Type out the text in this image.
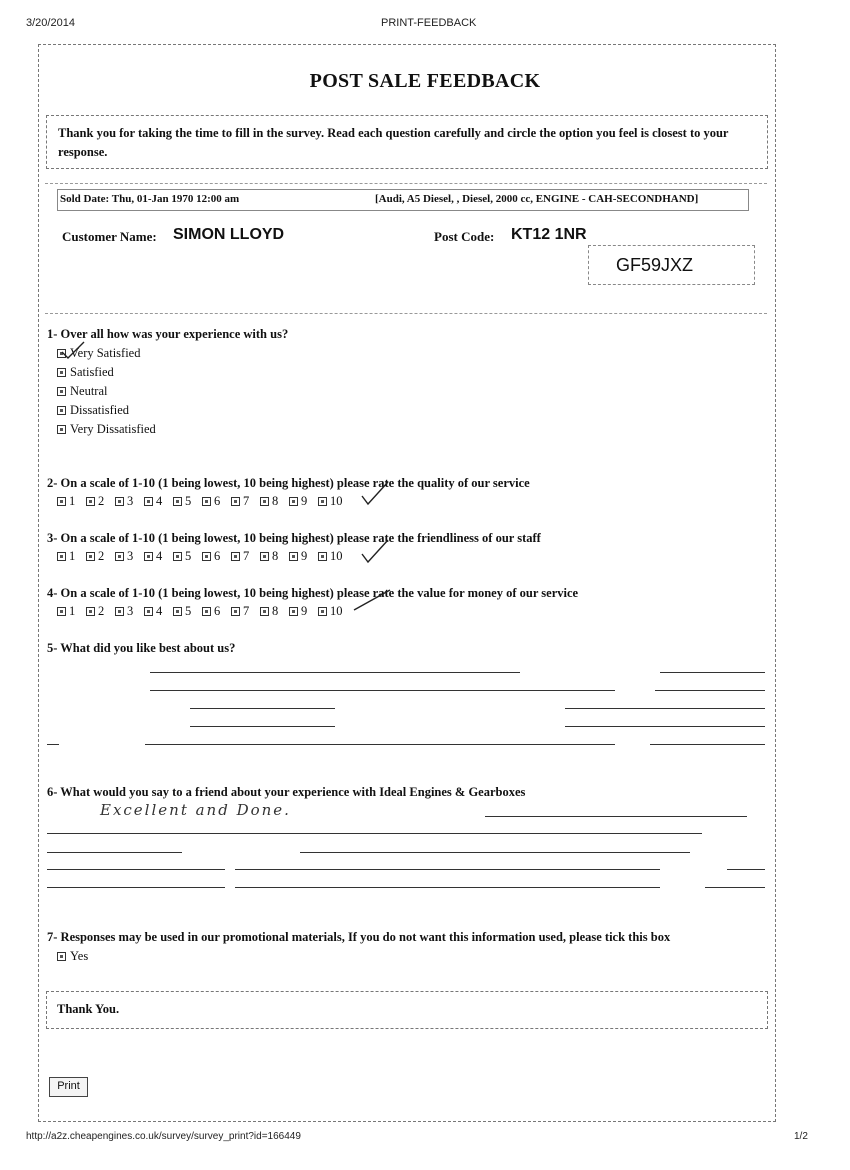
3/20/2014	PRINT-FEEDBACK
POST SALE FEEDBACK
Thank you for taking the time to fill in the survey. Read each question carefully and circle the option you feel is closest to your response.
Sold Date: Thu, 01-Jan 1970 12:00 am	[Audi, A5 Diesel, , Diesel, 2000 cc, ENGINE - CAH-SECONDHAND]
Customer Name: SIMON LLOYD	Post Code: KT12 1NR
GF59JXZ
1- Over all how was your experience with us?
Very Satisfied
Satisfied
Neutral
Dissatisfied
Very Dissatisfied
2- On a scale of 1-10 (1 being lowest, 10 being highest) please rate the quality of our service
1 2 3 4 5 6 7 8 9 10
3- On a scale of 1-10 (1 being lowest, 10 being highest) please rate the friendliness of our staff
1 2 3 4 5 6 7 8 9 10
4- On a scale of 1-10 (1 being lowest, 10 being highest) please rate the value for money of our service
1 2 3 4 5 6 7 8 9 10
5- What did you like best about us?
6- What would you say to a friend about your experience with Ideal Engines & Gearboxes
Excellent and Done.
7- Responses may be used in our promotional materials, If you do not want this information used, please tick this box
Yes
Thank You.
Print
http://a2z.cheapengines.co.uk/survey/survey_print?id=166449	1/2
